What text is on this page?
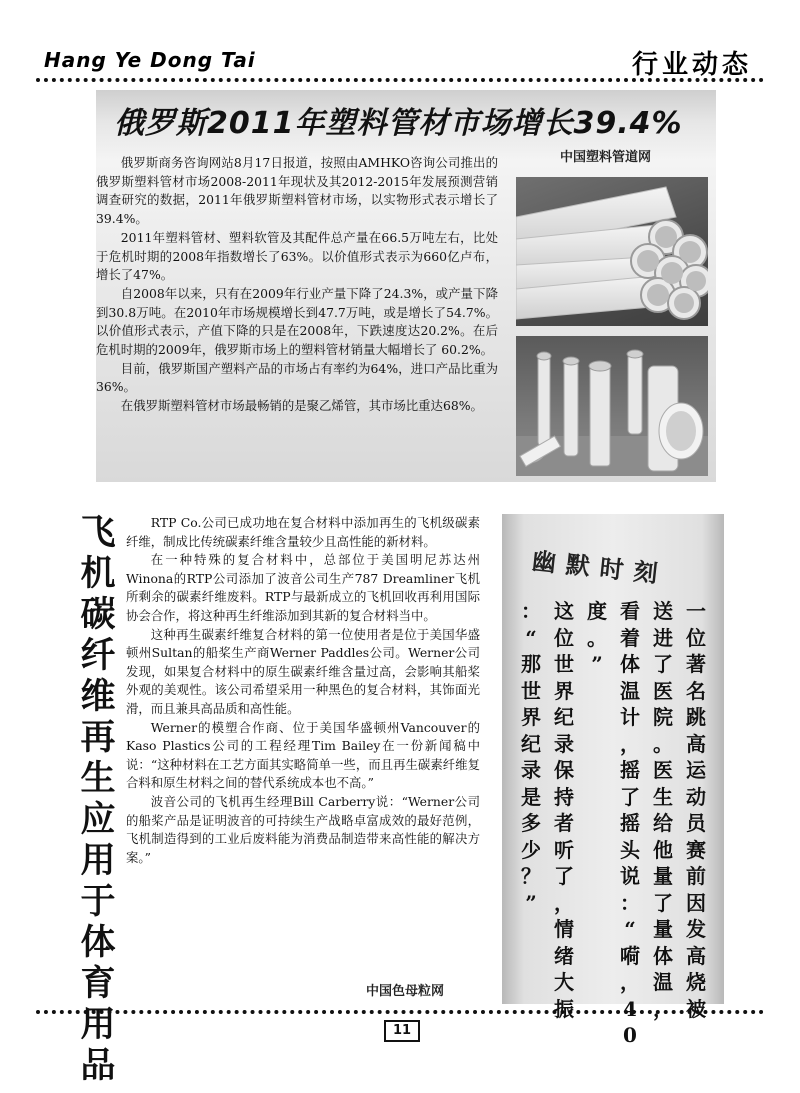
Hang Ye Dong Tai	行业动态
俄罗斯2011年塑料管材市场增长39.4%
中国塑料管道网

俄罗斯商务咨询网站8月17日报道，按照由AMHKO咨询公司推出的俄罗斯塑料管材市场2008-2011年现状及其2012-2015年发展预测营销调查研究的数据，2011年俄罗斯塑料管材市场，以实物形式表示增长了39.4%。

2011年塑料管材、塑料软管及其配件总产量在66.5万吨左右，比处于危机时期的2008年指数增长了63%。以价值形式表示为660亿卢布，增长了47%。

自2008年以来，只有在2009年行业产量下降了24.3%，或产量下降到30.8万吨。在2010年市场规模增长到47.7万吨，或是增长了54.7%。以价值形式表示，产值下降的只是在2008年，下跌速度达20.2%。在后危机时期的2009年，俄罗斯市场上的塑料管材销量大幅增长了 60.2%。

目前，俄罗斯国产塑料产品的市场占有率约为64%，进口产品比重为36%。

在俄罗斯塑料管材市场最畅销的是聚乙烯管，其市场比重达68%。

飞
机
碳
纤
维
再
生
应
用
于
体
育
用
品

RTP Co.公司已成功地在复合材料中添加再生的飞机级碳素纤维，制成比传统碳素纤维含量较少且高性能的新材料。

在一种特殊的复合材料中，总部位于美国明尼苏达州Winona的RTP公司添加了波音公司生产787 Dreamliner飞机所剩余的碳素纤维废料。RTP与最新成立的飞机回收再利用国际协会合作，将这种再生纤维添加到其新的复合材料当中。

这种再生碳素纤维复合材料的第一位使用者是位于美国华盛顿州Sultan的船桨生产商Werner Paddles公司。Werner公司发现，如果复合材料中的原生碳素纤维含量过高，会影响其船桨外观的美观性。该公司希望采用一种黑色的复合材料，其饰面光滑，而且兼具高品质和高性能。

Werner的模塑合作商、位于美国华盛顿州Vancouver的Kaso Plastics公司的工程经理Tim Bailey在一份新闻稿中说：“这种材料在工艺方面其实略简单一些，而且再生碳素纤维复合料和原生材料之间的替代系统成本也不高。”

波音公司的飞机再生经理Bill Carberry说：“Werner公司的船桨产品是证明波音的可持续生产战略卓富成效的最好范例，飞机制造得到的工业后废料能为消费品制造带来高性能的解决方案。”

中国色母粒网
幽默时刻
一
位
著
名
跳
高
运
动
员
赛
前
因
发
高
烧
被
送
进
了
医
院
。
医
生
给
他
量
了
量
体
温
，
看
着
体
温
计
，
摇
了
摇
头
说
：
“
嗬
，
4
0
度
。
”
这
位
世
界
纪
录
保
持
者
听
了
，
情
绪
大
振
：
“
那
世
界
纪
录
是
多
少
？
”
11
